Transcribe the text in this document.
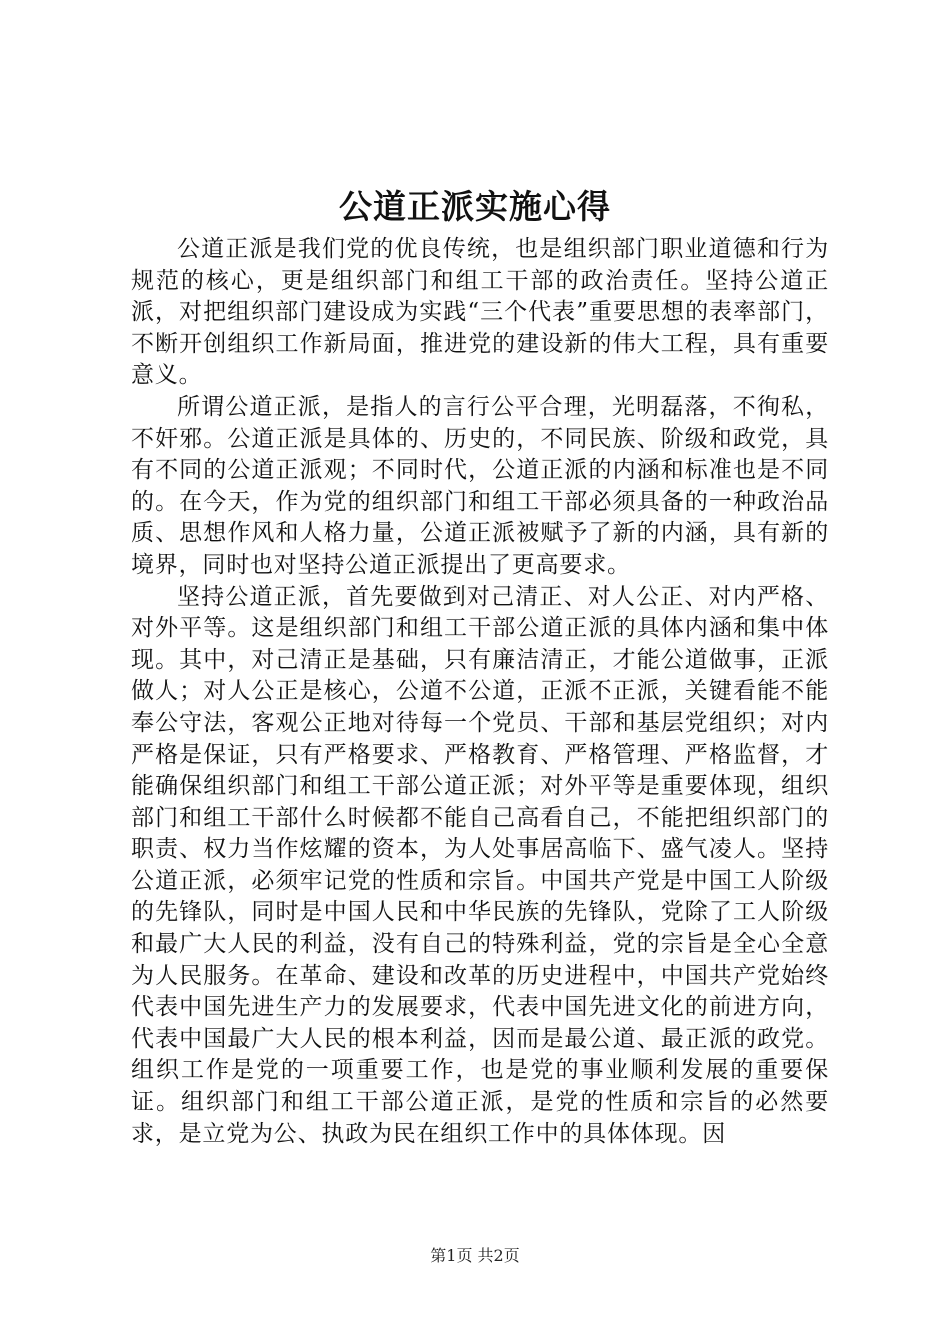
公道正派实施心得

公道正派是我们党的优良传统，也是组织部门职业道德和行为规范的核心，更是组织部门和组工干部的政治责任。坚持公道正派，对把组织部门建设成为实践“三个代表”重要思想的表率部门，不断开创组织工作新局面，推进党的建设新的伟大工程，具有重要意义。

所谓公道正派，是指人的言行公平合理，光明磊落，不徇私，不奸邪。公道正派是具体的、历史的，不同民族、阶级和政党，具有不同的公道正派观；不同时代，公道正派的内涵和标准也是不同的。在今天，作为党的组织部门和组工干部必须具备的一种政治品质、思想作风和人格力量，公道正派被赋予了新的内涵，具有新的境界，同时也对坚持公道正派提出了更高要求。

坚持公道正派，首先要做到对己清正、对人公正、对内严格、对外平等。这是组织部门和组工干部公道正派的具体内涵和集中体现。其中，对己清正是基础，只有廉洁清正，才能公道做事，正派做人；对人公正是核心，公道不公道，正派不正派，关键看能不能奉公守法，客观公正地对待每一个党员、干部和基层党组织；对内严格是保证，只有严格要求、严格教育、严格管理、严格监督，才能确保组织部门和组工干部公道正派；对外平等是重要体现，组织部门和组工干部什么时候都不能自己高看自己，不能把组织部门的职责、权力当作炫耀的资本，为人处事居高临下、盛气凌人。坚持公道正派，必须牢记党的性质和宗旨。中国共产党是中国工人阶级的先锋队，同时是中国人民和中华民族的先锋队，党除了工人阶级和最广大人民的利益，没有自己的特殊利益，党的宗旨是全心全意为人民服务。在革命、建设和改革的历史进程中，中国共产党始终代表中国先进生产力的发展要求，代表中国先进文化的前进方向，代表中国最广大人民的根本利益，因而是最公道、最正派的政党。组织工作是党的一项重要工作，也是党的事业顺利发展的重要保证。组织部门和组工干部公道正派，是党的性质和宗旨的必然要求，是立党为公、执政为民在组织工作中的具体体现。因

第1页 共2页
